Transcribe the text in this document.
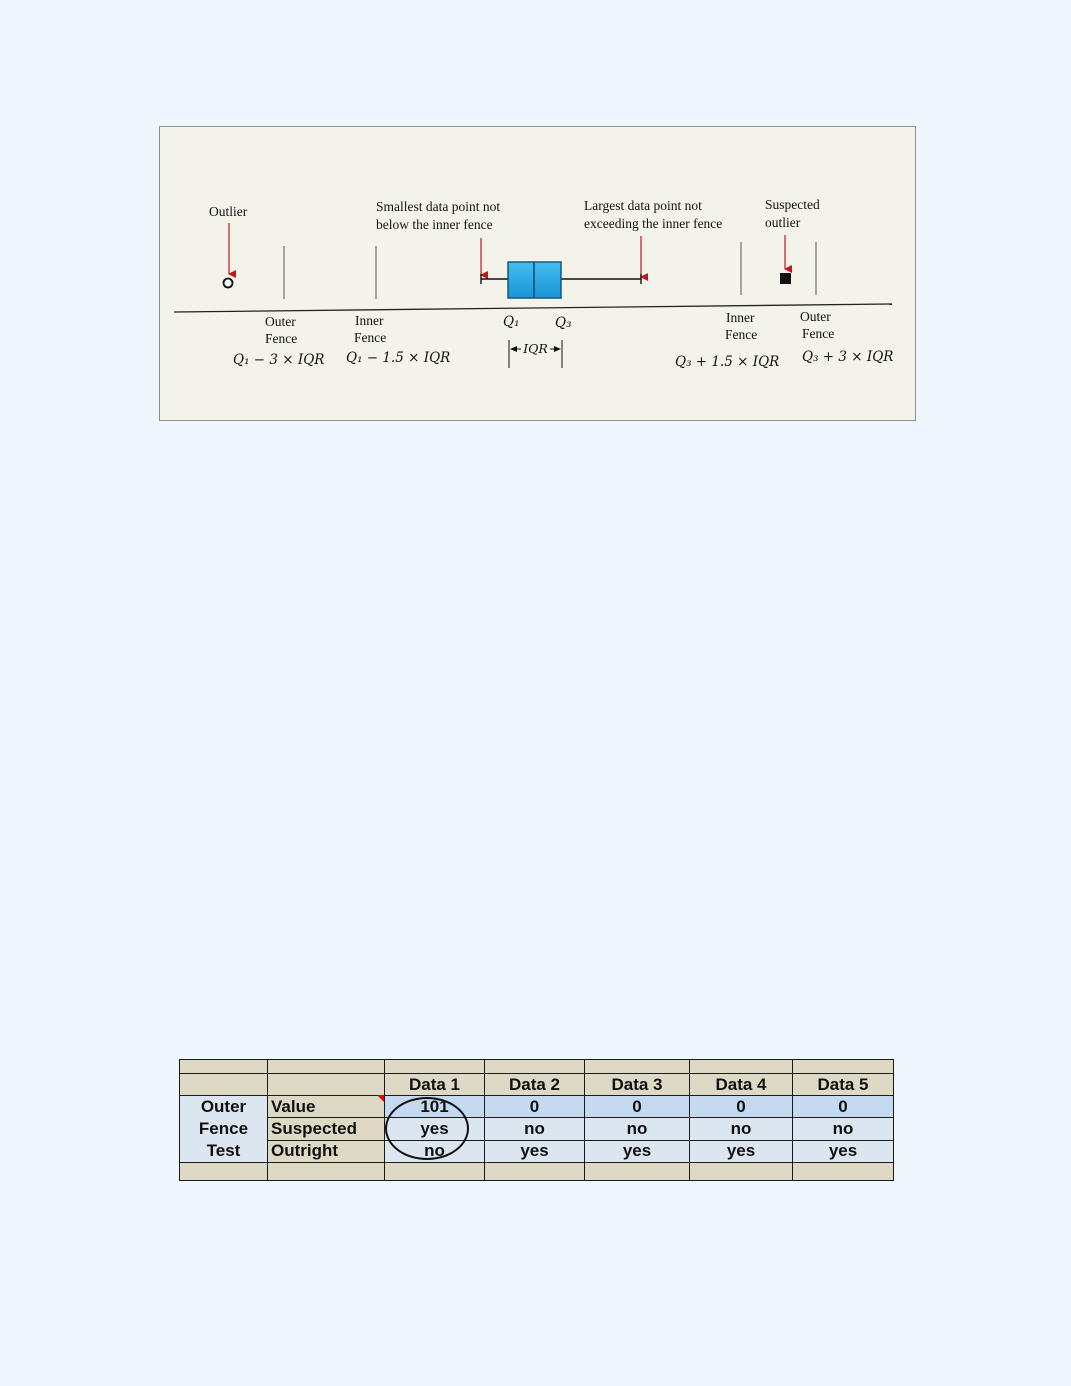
Outlier	Smallest data point not
below the inner fence
Largest data point not
exceeding the inner fence
Suspected
outlier
Outer
Fence
Q₁ − 3 × IQR
Inner
Fence
Q₁ − 1.5 × IQR
Q₁	Q₃
IQR
Inner
Fence
Q₃ + 1.5 × IQR
Outer
Fence
Q₃ + 3 × IQR

		Data 1	Data 2	Data 3	Data 4	Data 5

Outer
Fence
Test	Value	101	0	0	0	0
	Suspected	yes	no	no	no	no
	Outright	no	yes	yes	yes	yes
